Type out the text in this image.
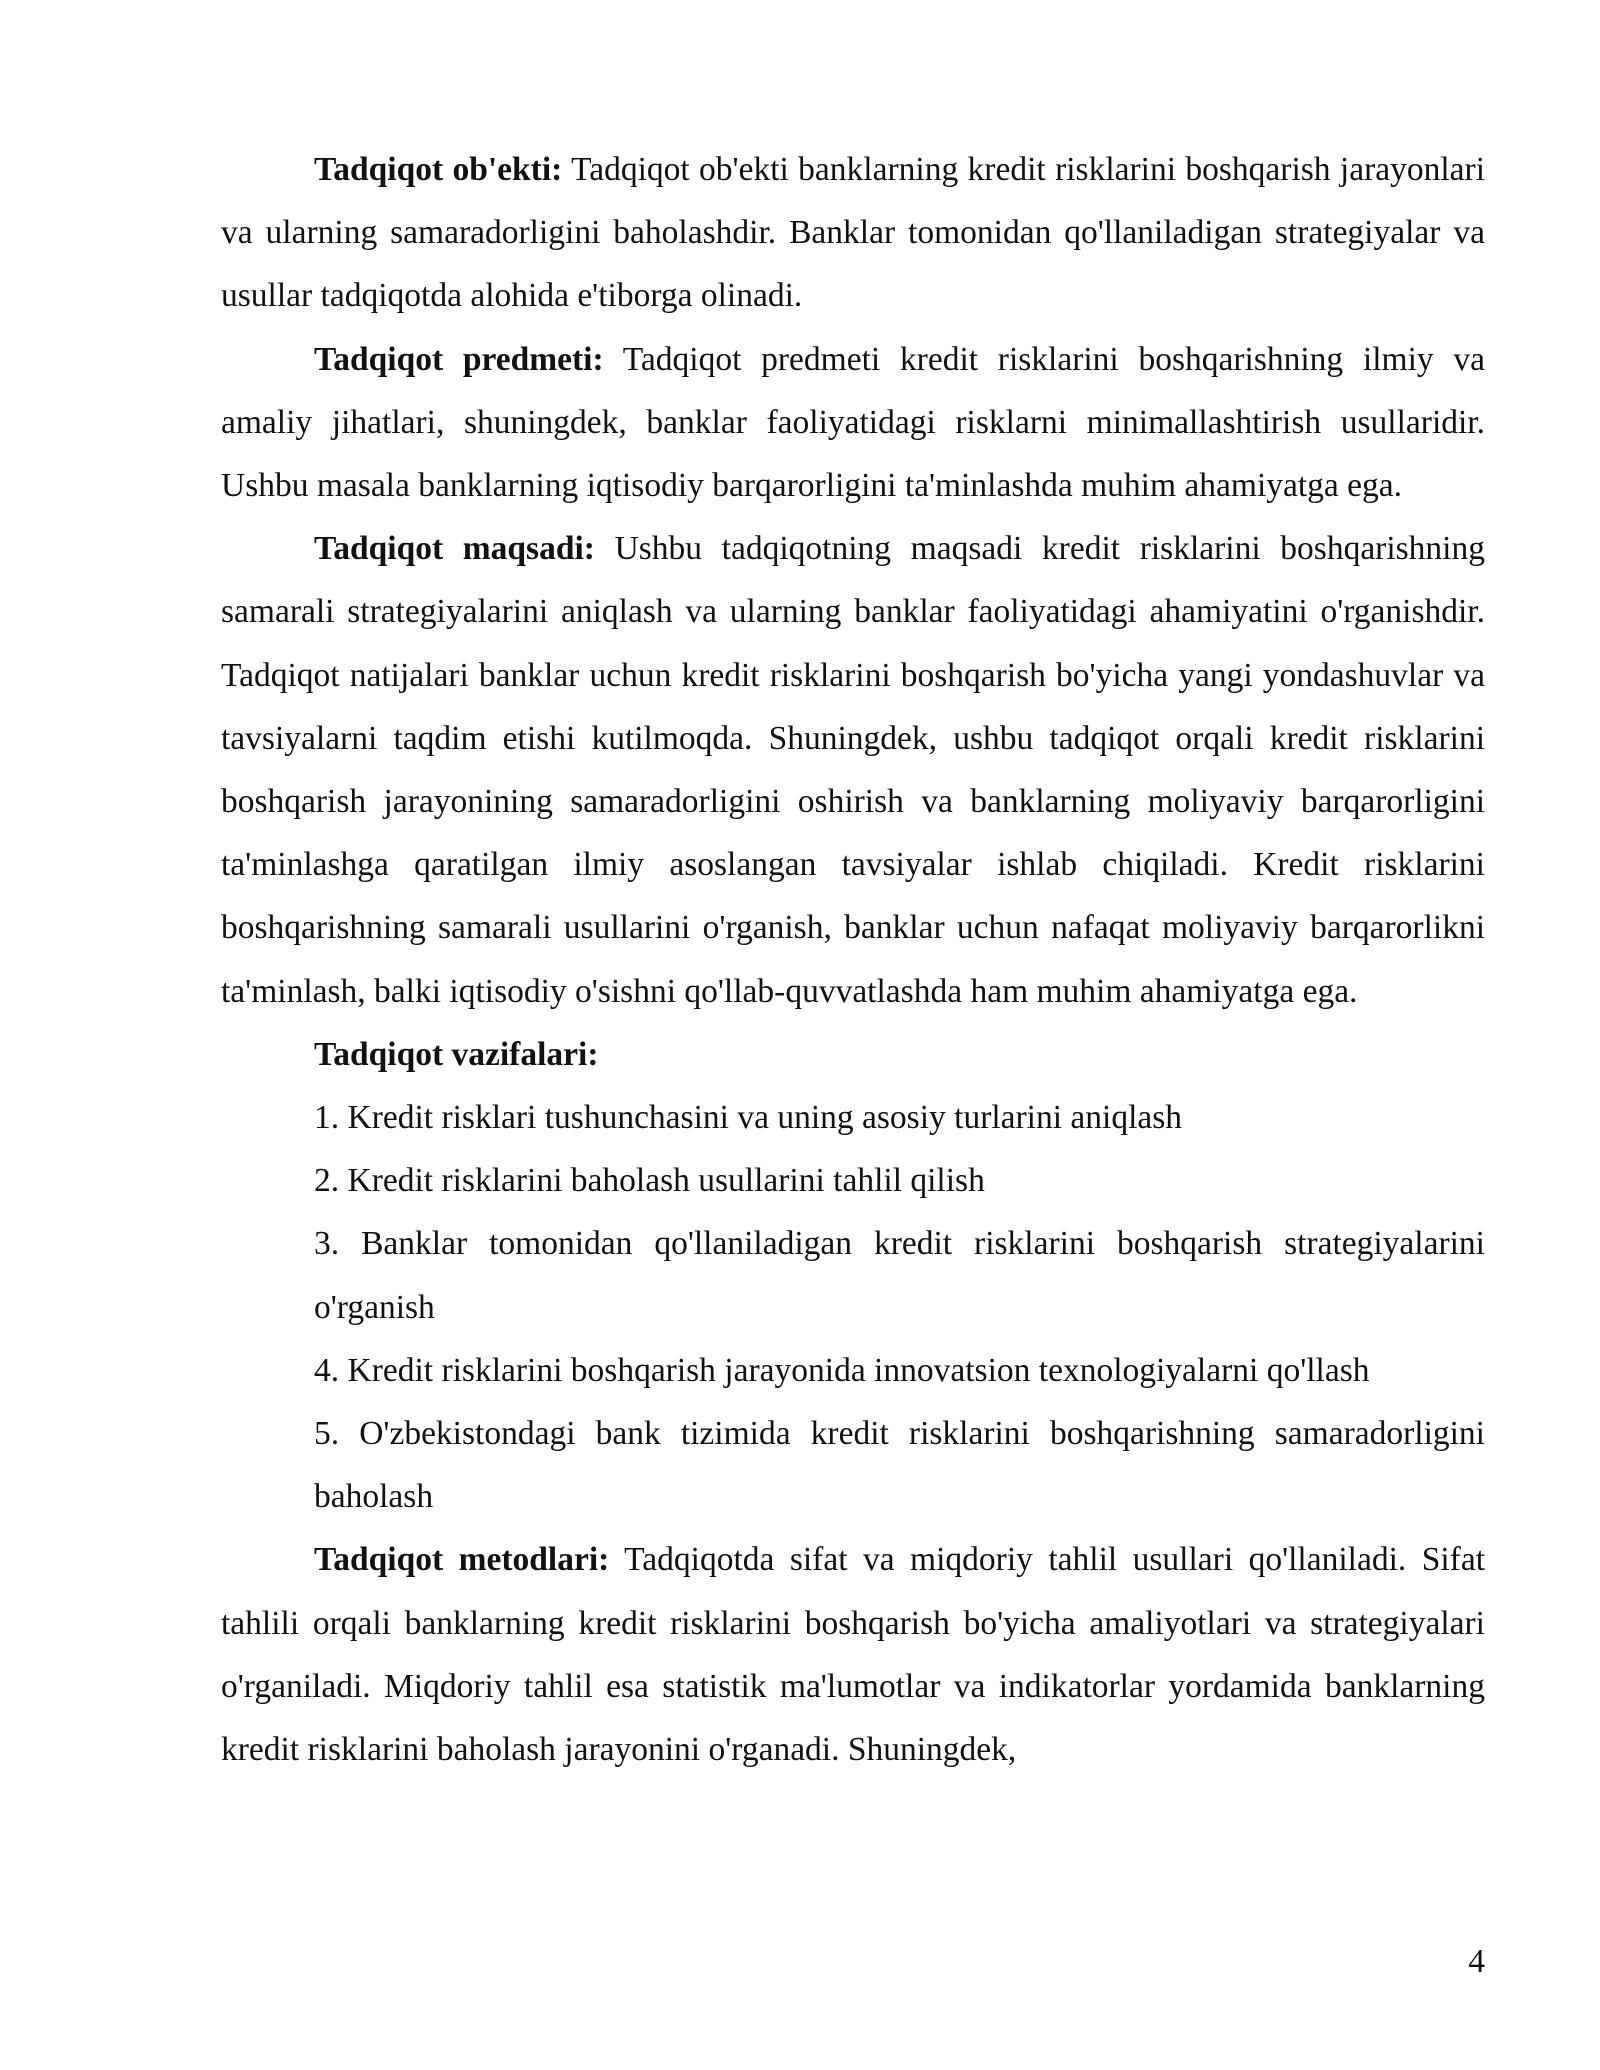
Tadqiqot ob'ekti: Tadqiqot ob'ekti banklarning kredit risklarini boshqarish jarayonlari va ularning samaradorligini baholashdir. Banklar tomonidan qo'llaniladigan strategiyalar va usullar tadqiqotda alohida e'tiborga olinadi.

Tadqiqot predmeti: Tadqiqot predmeti kredit risklarini boshqarishning ilmiy va amaliy jihatlari, shuningdek, banklar faoliyatidagi risklarni minimallashtirish usullaridir. Ushbu masala banklarning iqtisodiy barqarorligini ta'minlashda muhim ahamiyatga ega.

Tadqiqot maqsadi: Ushbu tadqiqotning maqsadi kredit risklarini boshqarishning samarali strategiyalarini aniqlash va ularning banklar faoliyatidagi ahamiyatini o'rganishdir. Tadqiqot natijalari banklar uchun kredit risklarini boshqarish bo'yicha yangi yondashuvlar va tavsiyalarni taqdim etishi kutilmoqda. Shuningdek, ushbu tadqiqot orqali kredit risklarini boshqarish jarayonining samaradorligini oshirish va banklarning moliyaviy barqarorligini ta'minlashga qaratilgan ilmiy asoslangan tavsiyalar ishlab chiqiladi. Kredit risklarini boshqarishning samarali usullarini o'rganish, banklar uchun nafaqat moliyaviy barqarorlikni ta'minlash, balki iqtisodiy o'sishni qo'llab-quvvatlashda ham muhim ahamiyatga ega.

Tadqiqot vazifalari:

1. Kredit risklari tushunchasini va uning asosiy turlarini aniqlash

2. Kredit risklarini baholash usullarini tahlil qilish

3. Banklar tomonidan qo'llaniladigan kredit risklarini boshqarish strategiyalarini o'rganish

4. Kredit risklarini boshqarish jarayonida innovatsion texnologiyalarni qo'llash

5. O'zbekistondagi bank tizimida kredit risklarini boshqarishning samaradorligini baholash

Tadqiqot metodlari: Tadqiqotda sifat va miqdoriy tahlil usullari qo'llaniladi. Sifat tahlili orqali banklarning kredit risklarini boshqarish bo'yicha amaliyotlari va strategiyalari o'rganiladi. Miqdoriy tahlil esa statistik ma'lumotlar va indikatorlar yordamida banklarning kredit risklarini baholash jarayonini o'rganadi. Shuningdek,

4
